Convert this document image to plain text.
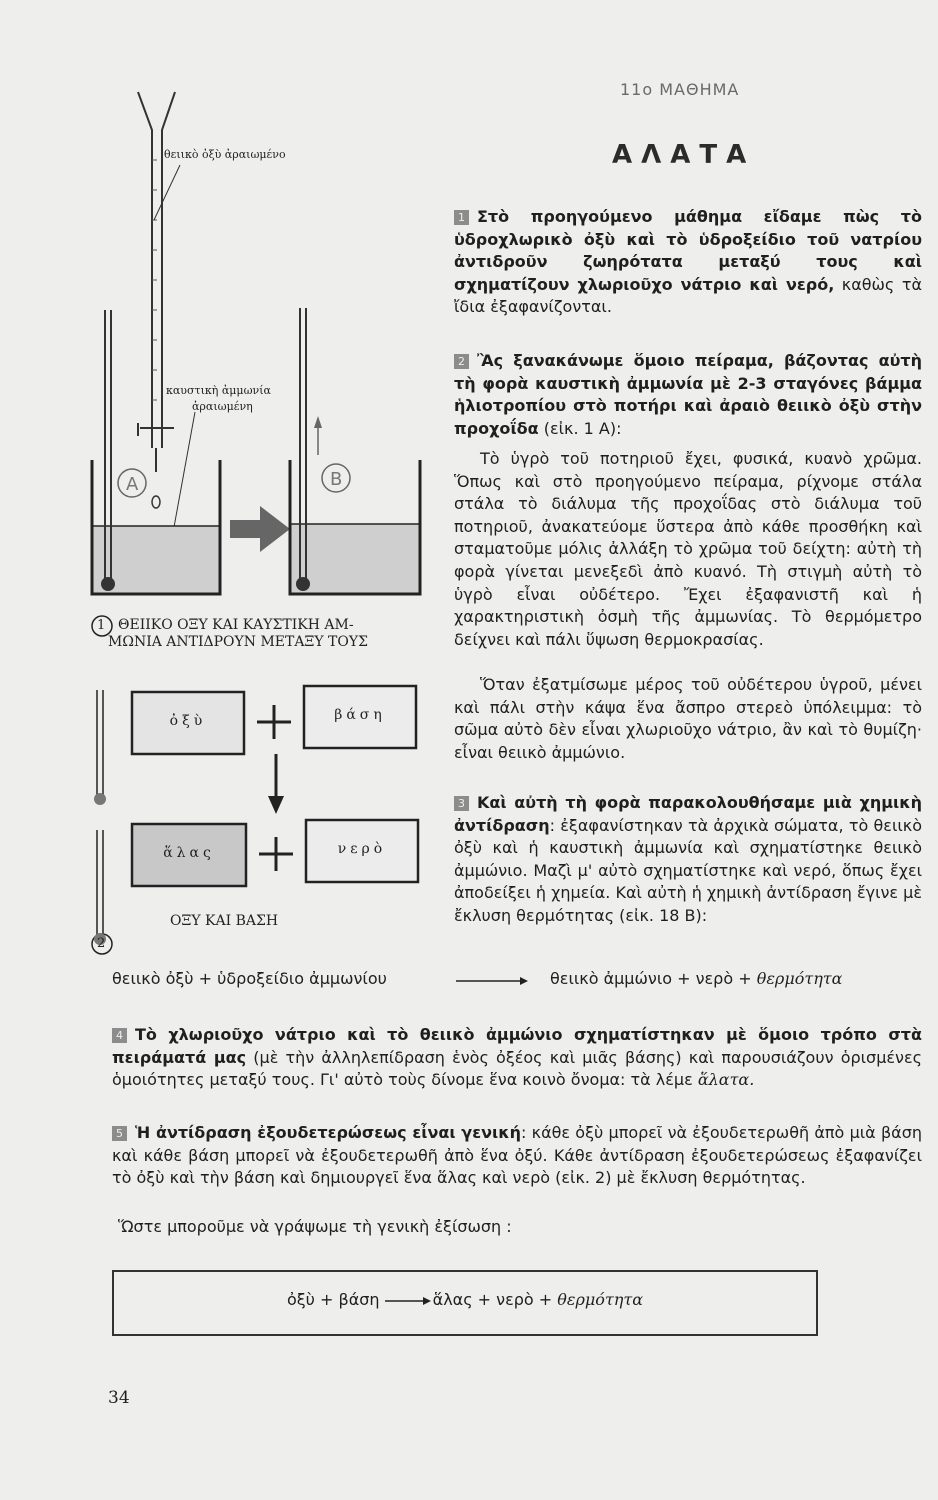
11ο ΜΑΘΗΜΑ
ΑΛΑΤΑ
θειικὸ ὀξὺ ἀραιωμένο
καυστικὴ ἀμμωνία
ἀραιωμένη
A	B
1 ΘΕΙΙΚΟ ΟΞΥ ΚΑΙ ΚΑΥΣΤΙΚΗ ΑΜ-
ΜΩΝΙΑ ΑΝΤΙΔΡΟΥΝ ΜΕΤΑΞΥ ΤΟΥΣ
ὀξὺ	βάση
ἅλας	νερὸ
2
ΟΞΥ ΚΑΙ ΒΑΣΗ
1 Στὸ προηγούμενο μάθημα εἴδαμε πὼς τὸ ὑδροχλωρικὸ ὀξὺ καὶ τὸ ὑδροξείδιο τοῦ νατρίου ἀντιδροῦν ζωηρότατα μεταξύ τους καὶ σχηματίζουν χλωριοῦχο νάτριο καὶ νερό, καθὼς τὰ ἴδια ἐξαφανίζονται.
2 Ἂς ξανακάνωμε ὅμοιο πείραμα, βάζοντας αὐτὴ τὴ φορὰ καυστικὴ ἀμμωνία μὲ 2-3 σταγόνες βάμμα ἡλιοτροπίου στὸ ποτήρι καὶ ἀραιὸ θειικὸ ὀξὺ στὴν προχοΐδα (εἰκ. 1 A):
Τὸ ὑγρὸ τοῦ ποτηριοῦ ἔχει, φυσικά, κυανὸ χρῶμα. Ὅπως καὶ στὸ προηγούμενο πείραμα, ρίχνομε στάλα στάλα τὸ διάλυμα τῆς προχοΐδας στὸ διάλυμα τοῦ ποτηριοῦ, ἀνακατεύομε ὕστερα ἀπὸ κάθε προσθήκη καὶ σταματοῦμε μόλις ἀλλάξη τὸ χρῶμα τοῦ δείχτη: αὐτὴ τὴ φορὰ γίνεται μενεξεδὶ ἀπὸ κυανό. Τὴ στιγμὴ αὐτὴ τὸ ὑγρὸ εἶναι οὐδέτερο. Ἔχει ἐξαφανιστῆ καὶ ἡ χαρακτηριστικὴ ὀσμὴ τῆς ἀμμωνίας. Τὸ θερμόμετρο δείχνει καὶ πάλι ὕψωση θερμοκρασίας.
Ὅταν ἐξατμίσωμε μέρος τοῦ οὐδέτερου ὑγροῦ, μένει καὶ πάλι στὴν κάψα ἕνα ἄσπρο στερεὸ ὑπόλειμμα: τὸ σῶμα αὐτὸ δὲν εἶναι χλωριοῦχο νάτριο, ἂν καὶ τὸ θυμίζη· εἶναι θειικὸ ἀμμώνιο.
3 Καὶ αὐτὴ τὴ φορὰ παρακολουθήσαμε μιὰ χημικὴ ἀντίδραση: ἐξαφανίστηκαν τὰ ἀρχικὰ σώματα, τὸ θειικὸ ὀξὺ καὶ ἡ καυστικὴ ἀμμωνία καὶ σχηματίστηκε θειικὸ ἀμμώνιο. Μαζὶ μ' αὐτὸ σχηματίστηκε καὶ νερό, ὅπως ἔχει ἀποδείξει ἡ χημεία. Καὶ αὐτὴ ἡ χημικὴ ἀντίδραση ἔγινε μὲ ἔκλυση θερμότητας (εἰκ. 18 B):
θειικὸ ὀξὺ + ὑδροξείδιο ἀμμωνίου	θειικὸ ἀμμώνιο + νερὸ + θερμότητα
4 Τὸ χλωριοῦχο νάτριο καὶ τὸ θειικὸ ἀμμώνιο σχηματίστηκαν μὲ ὅμοιο τρόπο στὰ πειράματά μας (μὲ τὴν ἀλληλεπίδραση ἑνὸς ὀξέος καὶ μιᾶς βάσης) καὶ παρουσιάζουν ὁρισμένες ὁμοιότητες μεταξύ τους. Γι' αὐτὸ τοὺς δίνομε ἕνα κοινὸ ὄνομα: τὰ λέμε ἅλατα.
5 Ἡ ἀντίδραση ἐξουδετερώσεως εἶναι γενική: κάθε ὀξὺ μπορεῖ νὰ ἐξουδετερωθῆ ἀπὸ μιὰ βάση καὶ κάθε βάση μπορεῖ νὰ ἐξουδετερωθῆ ἀπὸ ἕνα ὀξύ. Κάθε ἀντίδραση ἐξουδετερώσεως ἐξαφανίζει τὸ ὀξὺ καὶ τὴν βάση καὶ δημιουργεῖ ἕνα ἅλας καὶ νερὸ (εἰκ. 2) μὲ ἔκλυση θερμότητας.
Ὥστε μποροῦμε νὰ γράψωμε τὴ γενικὴ ἐξίσωση :
ὀξὺ + βάση	ἅλας + νερὸ + θερμότητα
34
